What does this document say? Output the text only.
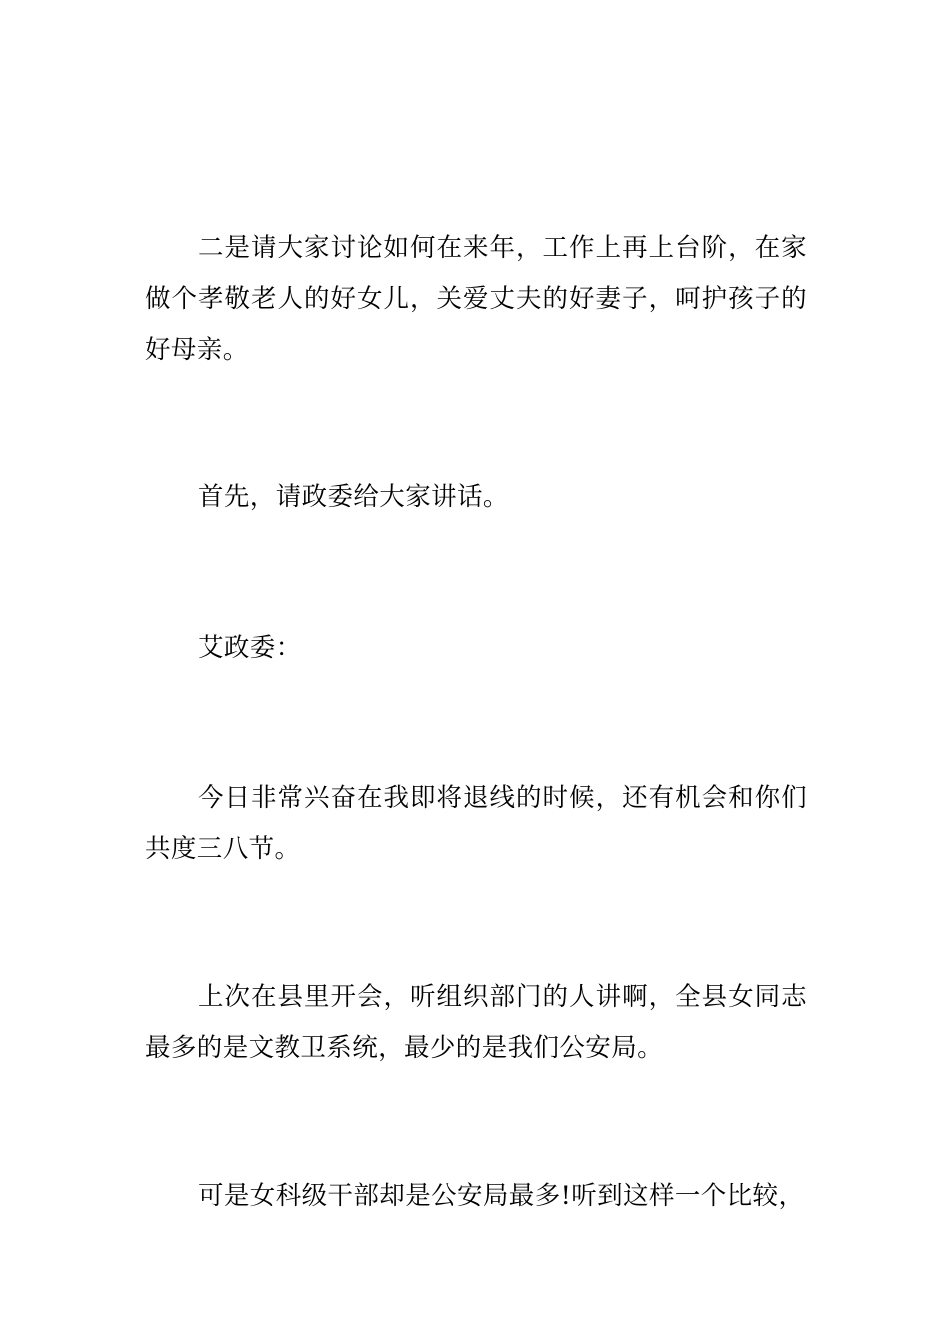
二是请大家讨论如何在来年，工作上再上台阶，在家做个孝敬老人的好女儿，关爱丈夫的好妻子，呵护孩子的好母亲。

首先，请政委给大家讲话。

艾政委：

今日非常兴奋在我即将退线的时候，还有机会和你们共度三八节。

上次在县里开会，听组织部门的人讲啊，全县女同志最多的是文教卫系统，最少的是我们公安局。

可是女科级干部却是公安局最多!听到这样一个比较，
